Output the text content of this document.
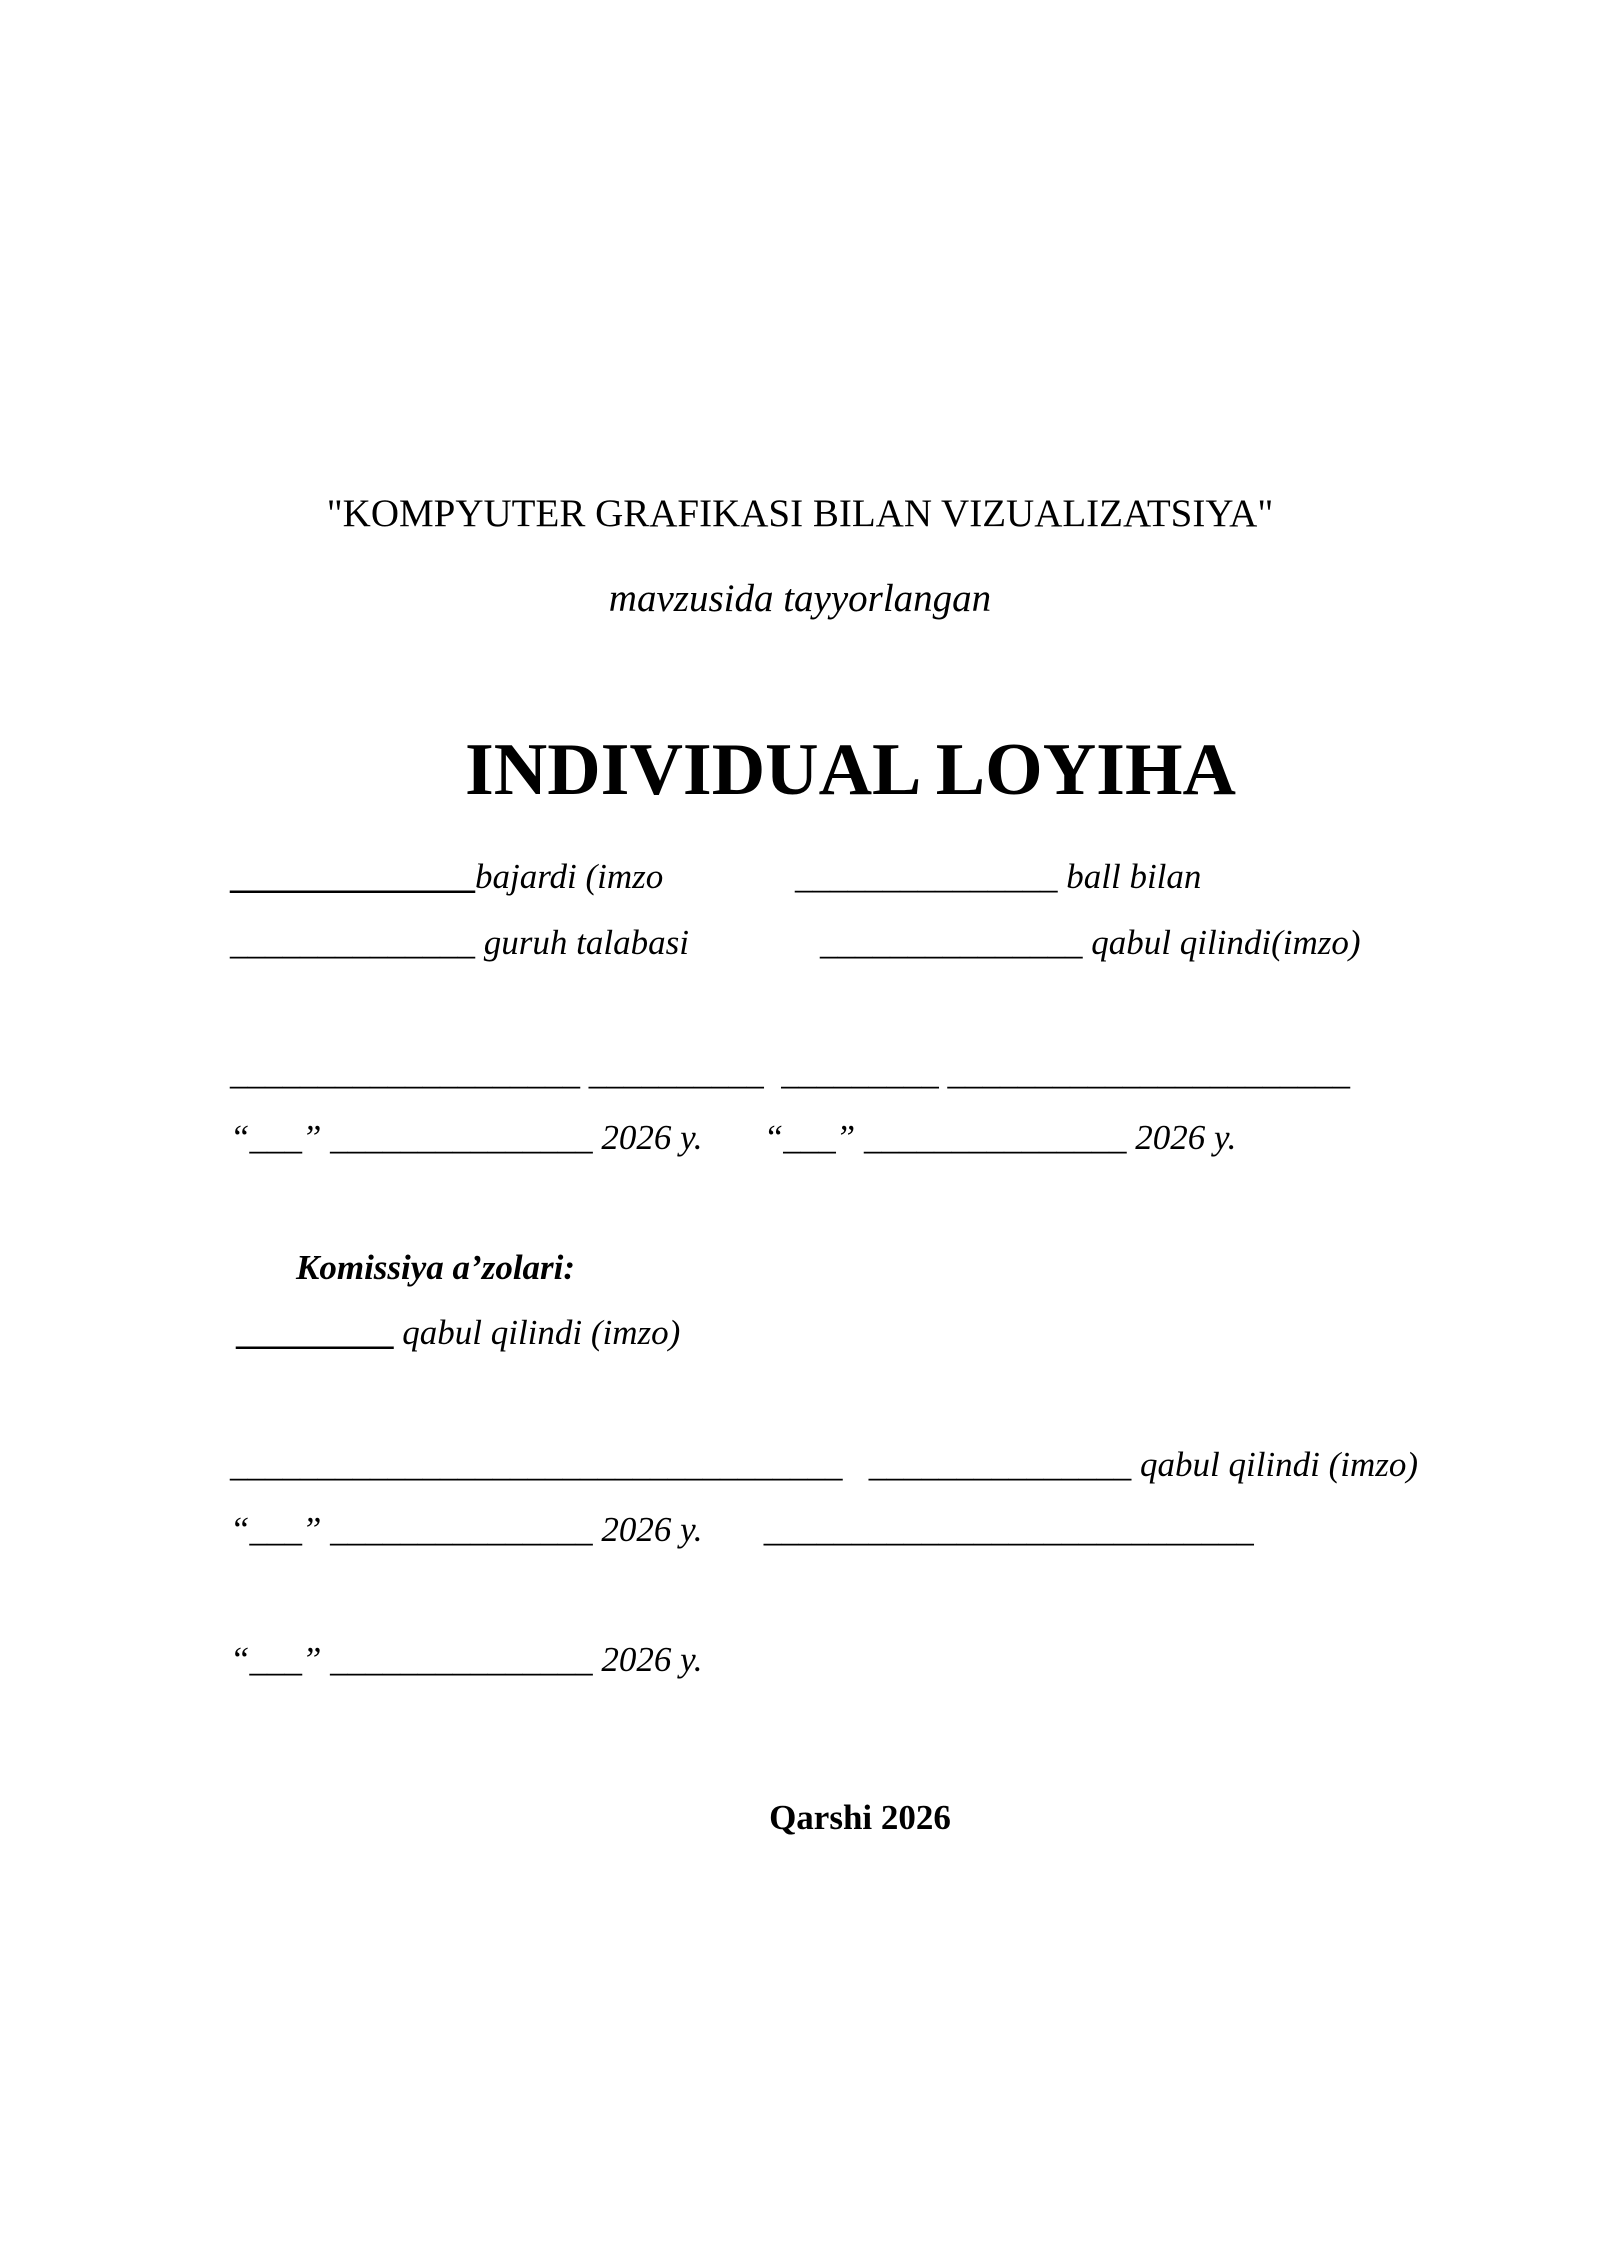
"KOMPYUTER GRAFIKASI BILAN VIZUALIZATSIYA"
mavzusida tayyorlangan
INDIVIDUAL LOYIHA
______________bajardi (imzo	_______________ ball bilan
______________ guruh talabasi	_______________ qabul qilindi(imzo)
____________________ __________  _________ _______________________
“___” _______________ 2026 y.       “___” _______________ 2026 y.
Komissiya a’zolari:
_________ qabul qilindi (imzo)
___________________________________   _______________ qabul qilindi (imzo)
“___” _______________ 2026 y.       ____________________________
“___” _______________ 2026 y.
Qarshi 2026
